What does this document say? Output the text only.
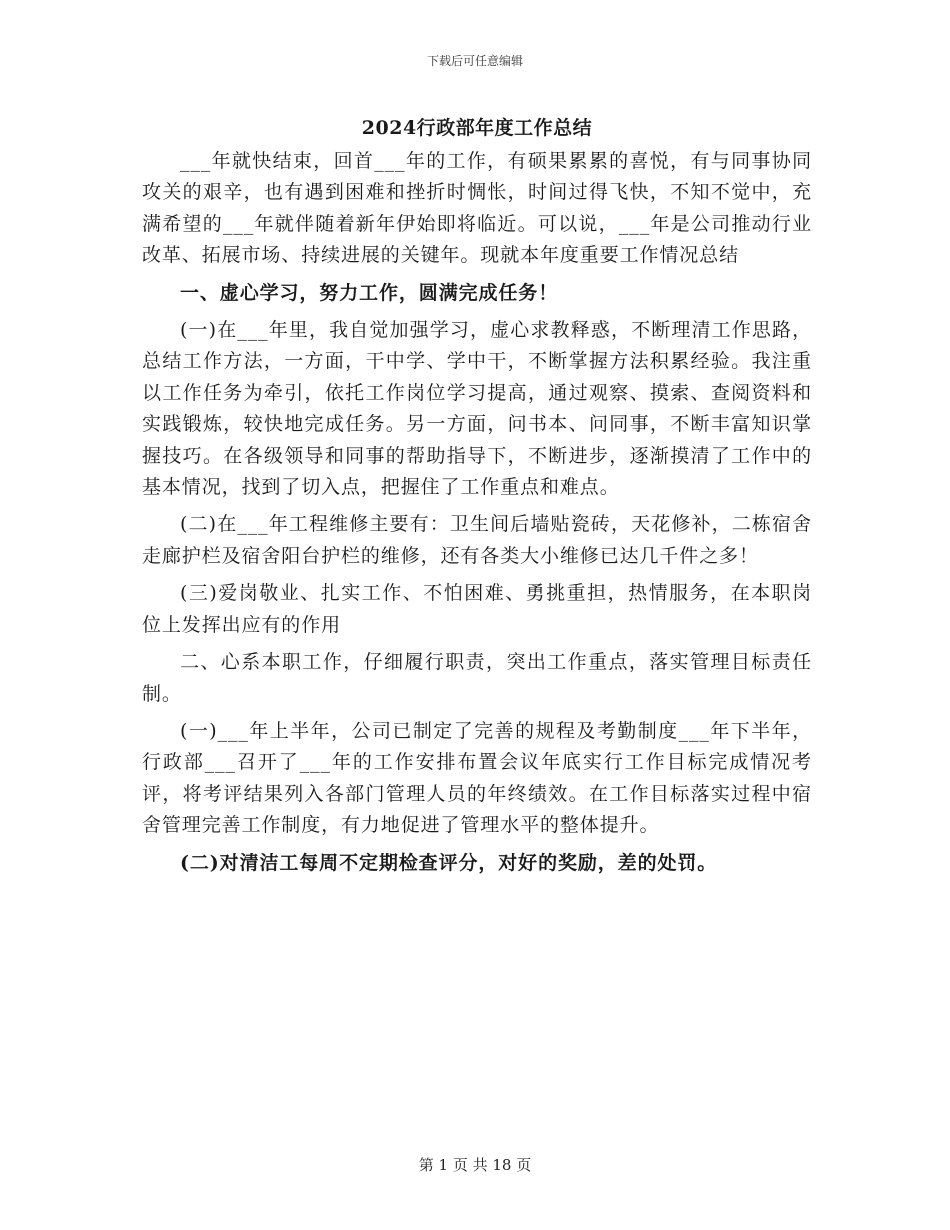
下载后可任意编辑
2024行政部年度工作总结

___年就快结束，回首___年的工作，有硕果累累的喜悦，有与同事协同攻关的艰辛，也有遇到困难和挫折时惆怅，时间过得飞快，不知不觉中，充满希望的___年就伴随着新年伊始即将临近。可以说，___年是公司推动行业改革、拓展市场、持续进展的关键年。现就本年度重要工作情况总结

一、虚心学习，努力工作，圆满完成任务！

(一)在___年里，我自觉加强学习，虚心求教释惑，不断理清工作思路，总结工作方法，一方面，干中学、学中干，不断掌握方法积累经验。我注重以工作任务为牵引，依托工作岗位学习提高，通过观察、摸索、查阅资料和实践锻炼，较快地完成任务。另一方面，问书本、问同事，不断丰富知识掌握技巧。在各级领导和同事的帮助指导下，不断进步，逐渐摸清了工作中的基本情况，找到了切入点，把握住了工作重点和难点。

(二)在___年工程维修主要有：卫生间后墙贴瓷砖，天花修补，二栋宿舍走廊护栏及宿舍阳台护栏的维修，还有各类大小维修已达几千件之多！

(三)爱岗敬业、扎实工作、不怕困难、勇挑重担，热情服务，在本职岗位上发挥出应有的作用

二、心系本职工作，仔细履行职责，突出工作重点，落实管理目标责任制。

(一)___年上半年，公司已制定了完善的规程及考勤制度___年下半年，行政部___召开了___年的工作安排布置会议年底实行工作目标完成情况考评，将考评结果列入各部门管理人员的年终绩效。在工作目标落实过程中宿舍管理完善工作制度，有力地促进了管理水平的整体提升。

(二)对清洁工每周不定期检查评分，对好的奖励，差的处罚。

第 1 页 共 18 页
